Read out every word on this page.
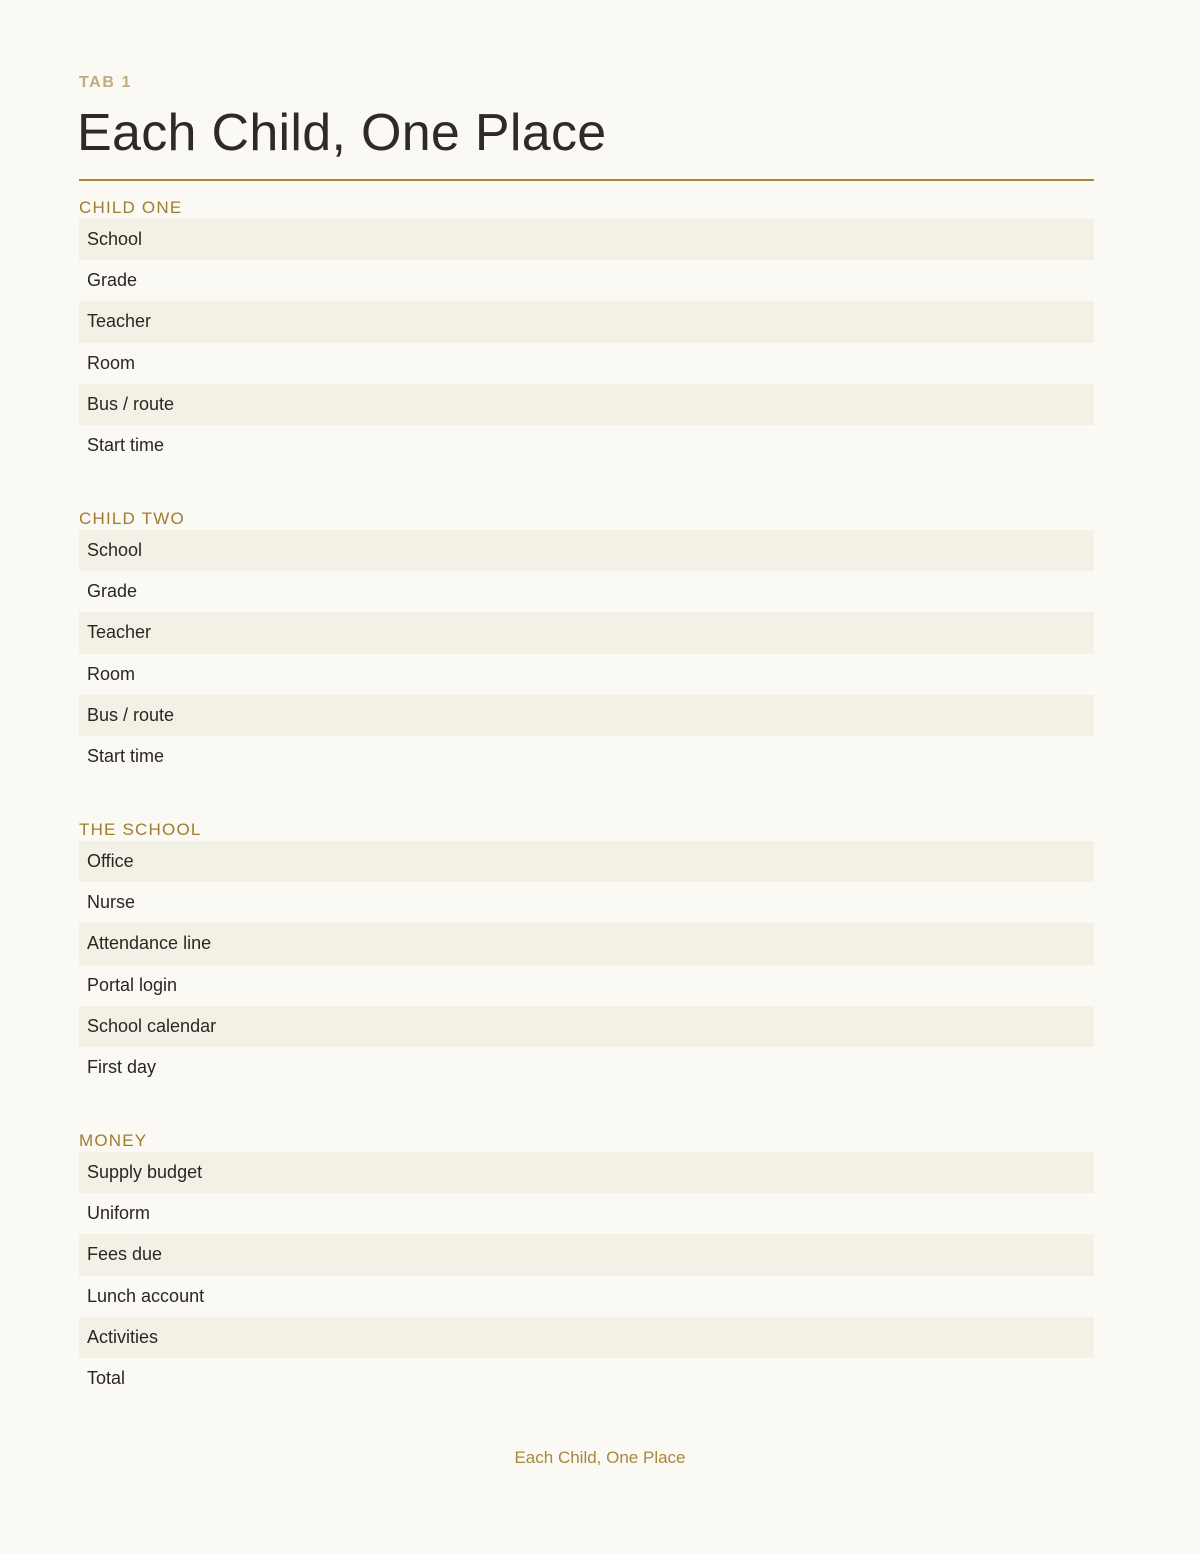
TAB 1
Each Child, One Place
CHILD ONE
School
Grade
Teacher
Room
Bus / route
Start time
CHILD TWO
School
Grade
Teacher
Room
Bus / route
Start time
THE SCHOOL
Office
Nurse
Attendance line
Portal login
School calendar
First day
MONEY
Supply budget
Uniform
Fees due
Lunch account
Activities
Total
Each Child, One Place
